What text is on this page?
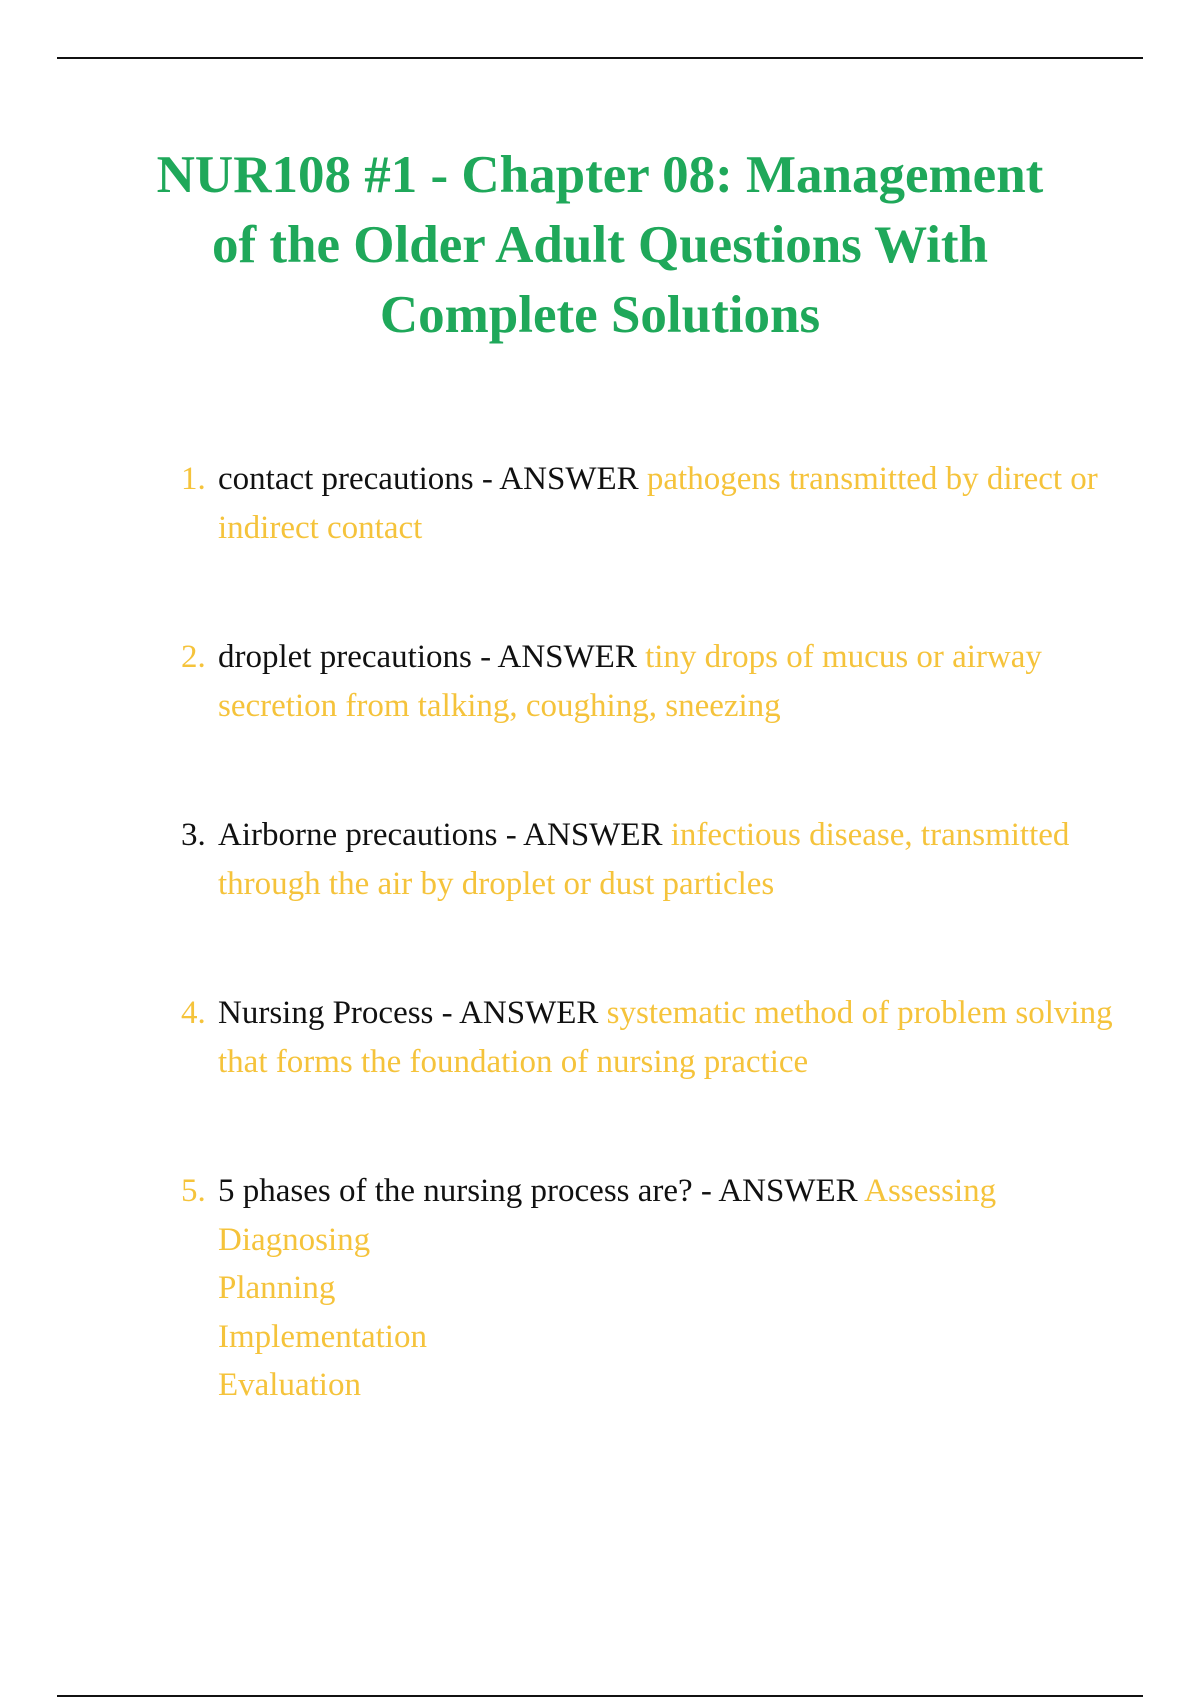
NUR108 #1 - Chapter 08: Management of the Older Adult Questions With Complete Solutions
1. contact precautions - ANSWER pathogens transmitted by direct or indirect contact
2. droplet precautions - ANSWER tiny drops of mucus or airway secretion from talking, coughing, sneezing
3. Airborne precautions - ANSWER infectious disease, transmitted through the air by droplet or dust particles
4. Nursing Process - ANSWER systematic method of problem solving that forms the foundation of nursing practice
5. 5 phases of the nursing process are? - ANSWER Assessing
Diagnosing
Planning
Implementation
Evaluation
